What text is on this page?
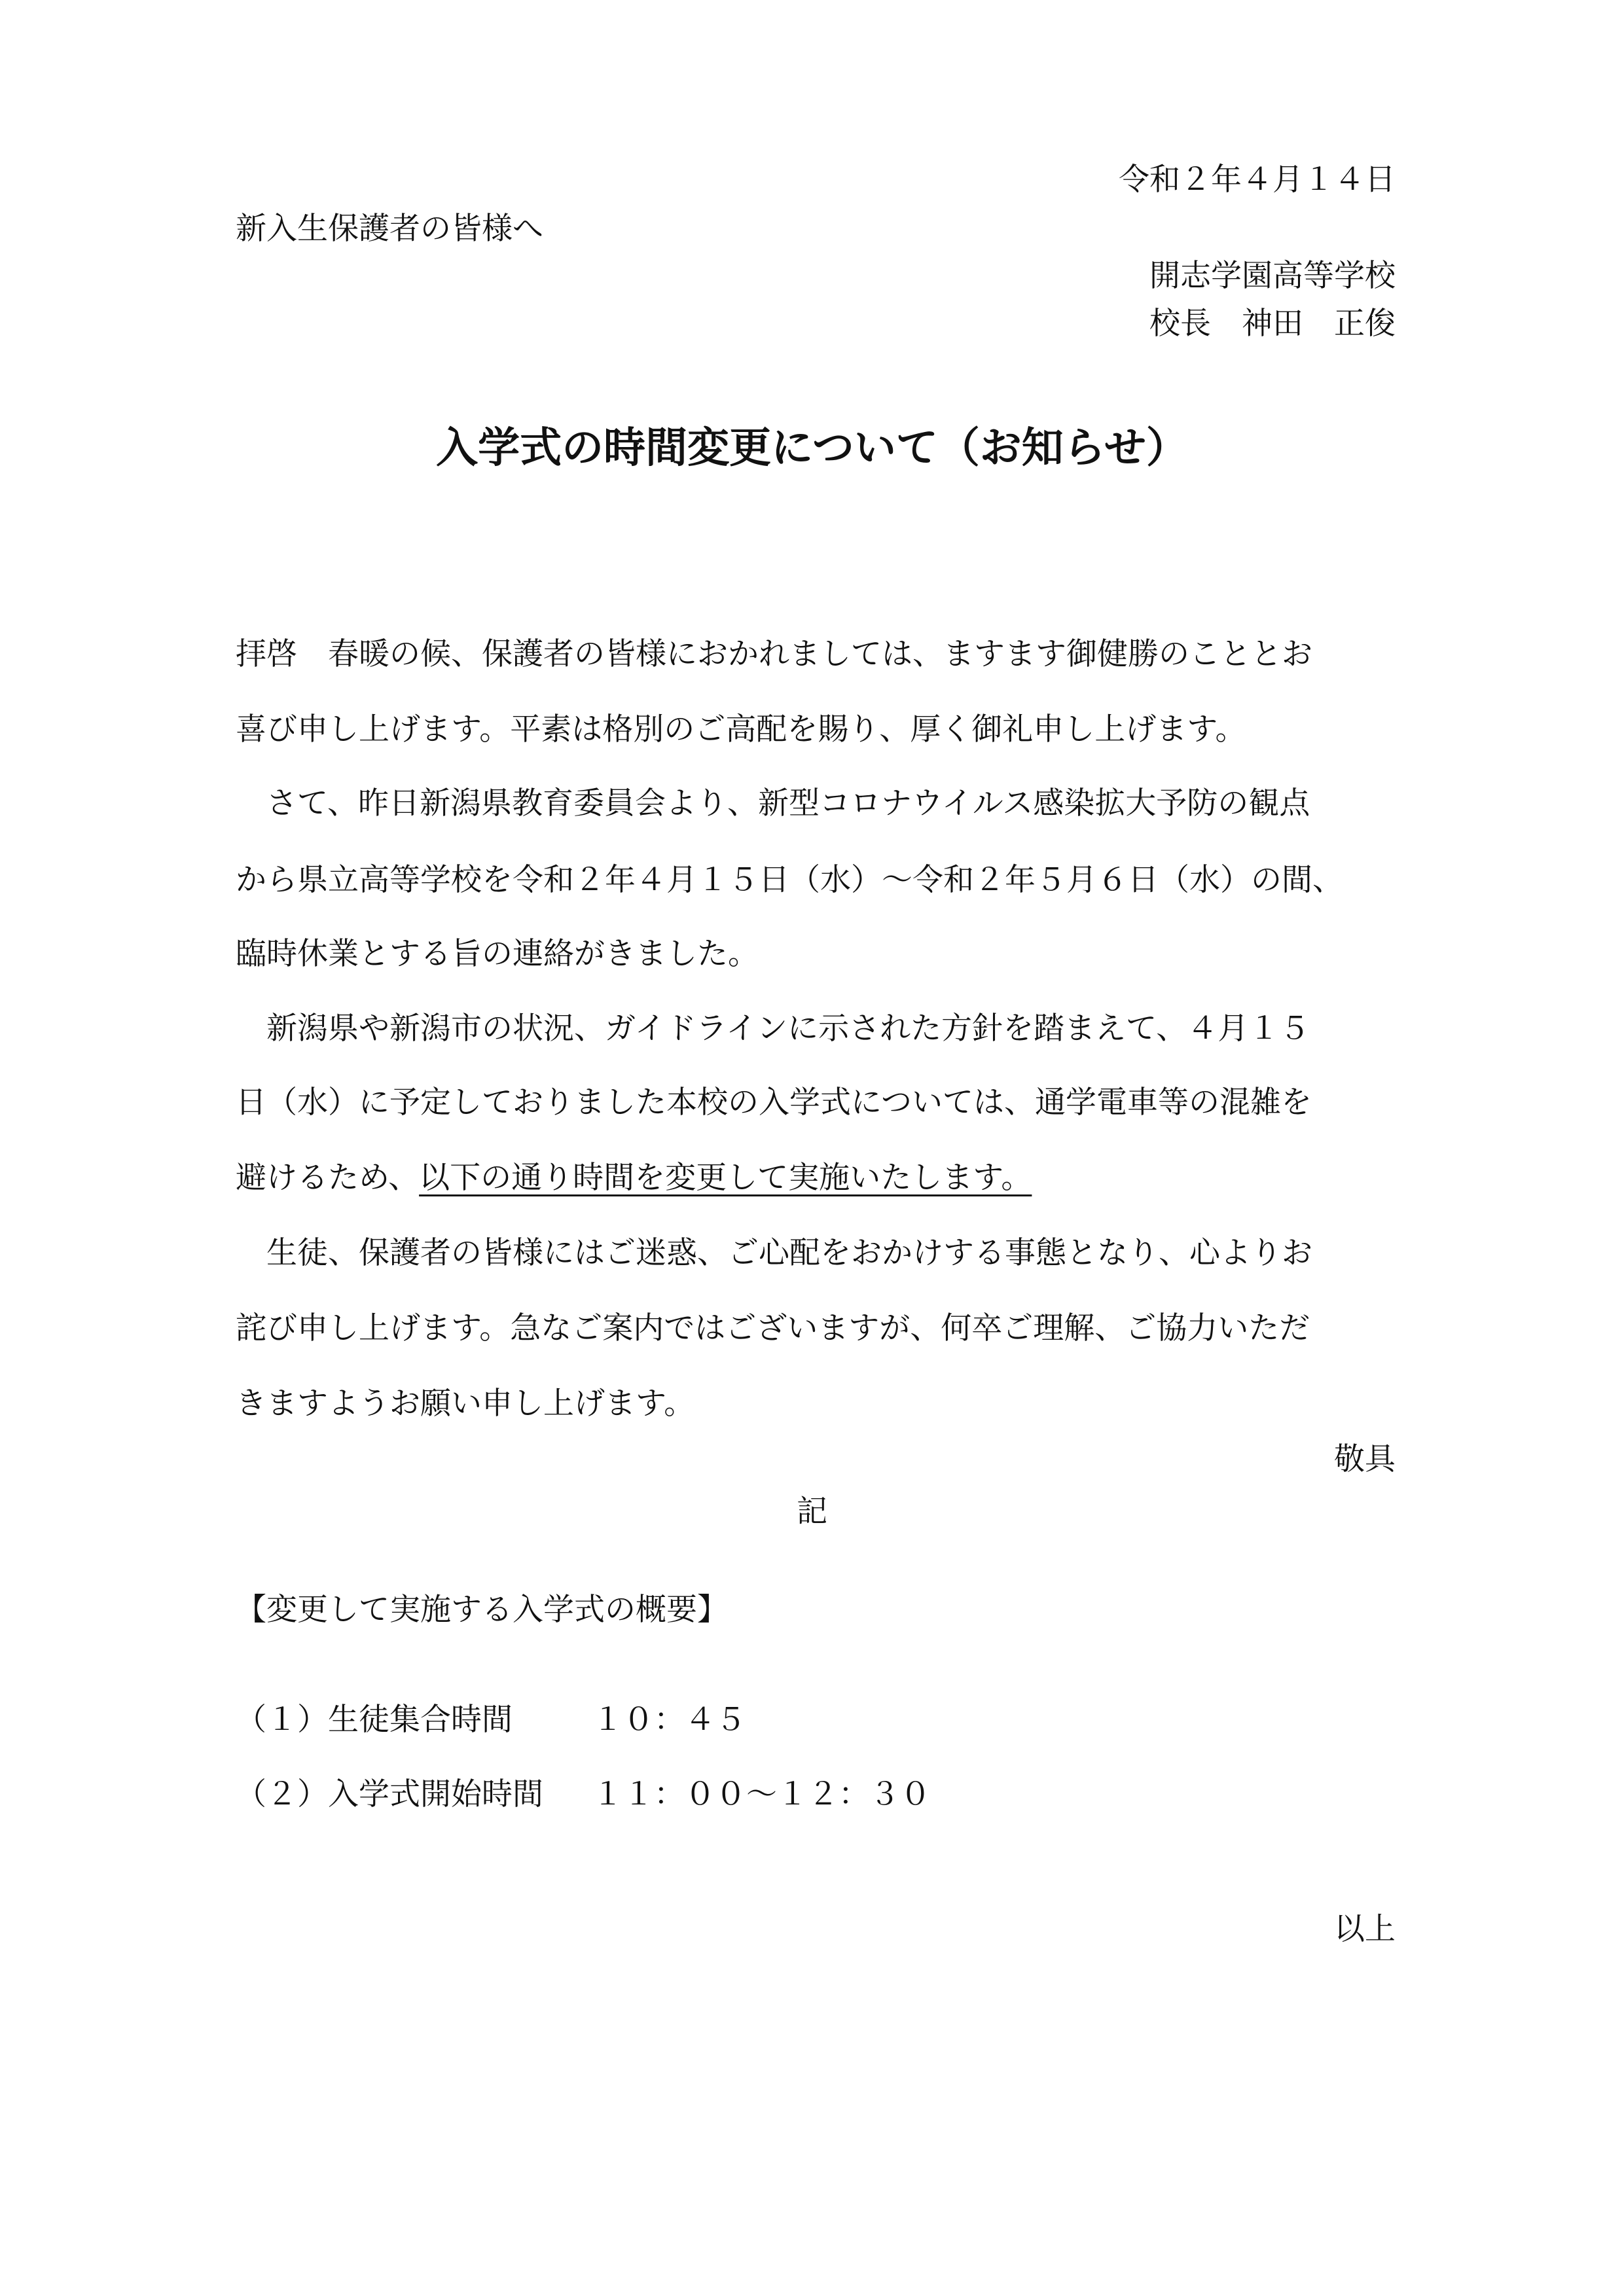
令和２年４月１４日
新入生保護者の皆様へ
開志学園高等学校
校長　神田　正俊
入学式の時間変更について（お知らせ）
拝啓　春暖の候、保護者の皆様におかれましては、ますます御健勝のこととお
喜び申し上げます。平素は格別のご高配を賜り、厚く御礼申し上げます。
　さて、昨日新潟県教育委員会より、新型コロナウイルス感染拡大予防の観点
から県立高等学校を令和２年４月１５日（水）～令和２年５月６日（水）の間、
臨時休業とする旨の連絡がきました。
　新潟県や新潟市の状況、ガイドラインに示された方針を踏まえて、４月１５
日（水）に予定しておりました本校の入学式については、通学電車等の混雑を
避けるため、以下の通り時間を変更して実施いたします。
　生徒、保護者の皆様にはご迷惑、ご心配をおかけする事態となり、心よりお
詫び申し上げます。急なご案内ではございますが、何卒ご理解、ご協力いただ
きますようお願い申し上げます。
敬具
記
【変更して実施する入学式の概要】
（１）生徒集合時間	１０：４５
（２）入学式開始時間 １１：００～１２：３０
以上
